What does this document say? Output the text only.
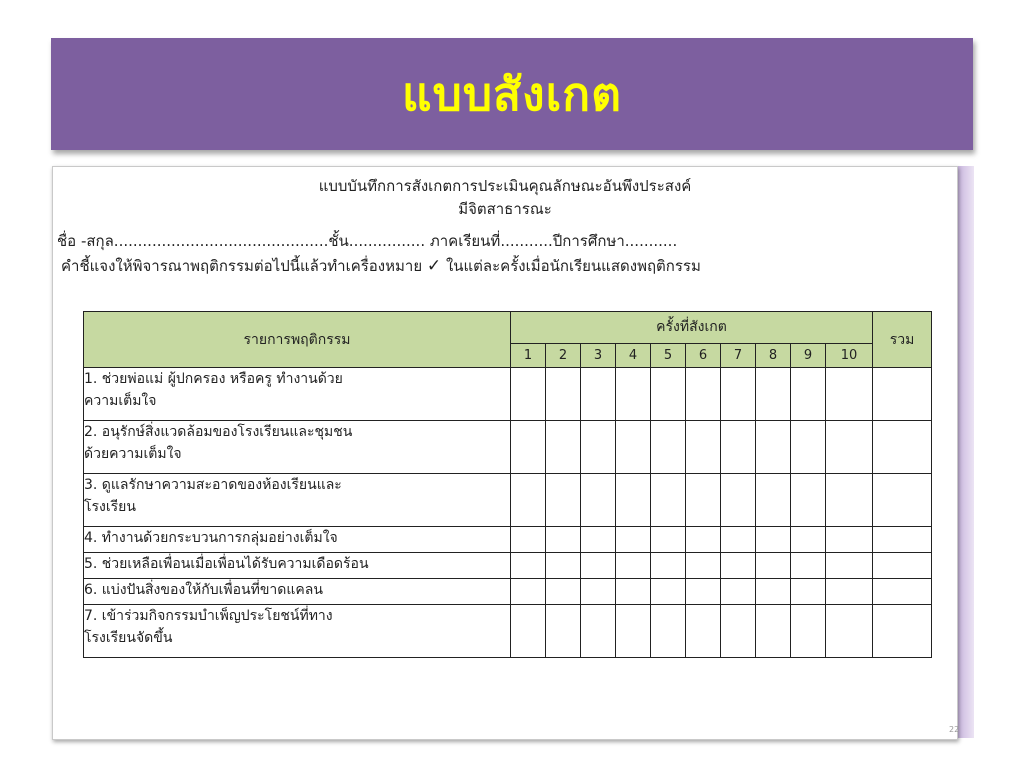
แบบสังเกต
แบบบันทึกการสังเกตการประเมินคุณลักษณะอันพึงประสงค์
มีจิตสาธารณะ
ชื่อ -สกุล.............................................ชั้น................ ภาคเรียนที่...........ปีการศึกษา...........
คำชี้แจงให้พิจารณาพฤติกรรมต่อไปนี้แล้วทำเครื่องหมาย ✓ ในแต่ละครั้งเมื่อนักเรียนแสดงพฤติกรรม
รายการพฤติกรรม	ครั้งที่สังเกต										รวม
	1	2	3	4	5	6	7	8	9	10	

1. ช่วยพ่อแม่ ผู้ปกครอง หรือครู ทำงานด้วย
ความเต็มใจ											

2. อนุรักษ์สิ่งแวดล้อมของโรงเรียนและชุมชน
ด้วยความเต็มใจ											

3. ดูแลรักษาความสะอาดของห้องเรียนและ
โรงเรียน											

4. ทำงานด้วยกระบวนการกลุ่มอย่างเต็มใจ											

5. ช่วยเหลือเพื่อนเมื่อเพื่อนได้รับความเดือดร้อน											

6. แบ่งปันสิ่งของให้กับเพื่อนที่ขาดแคลน											

7. เข้าร่วมกิจกรรมบำเพ็ญประโยชน์ที่ทาง
โรงเรียนจัดขึ้น											

22
